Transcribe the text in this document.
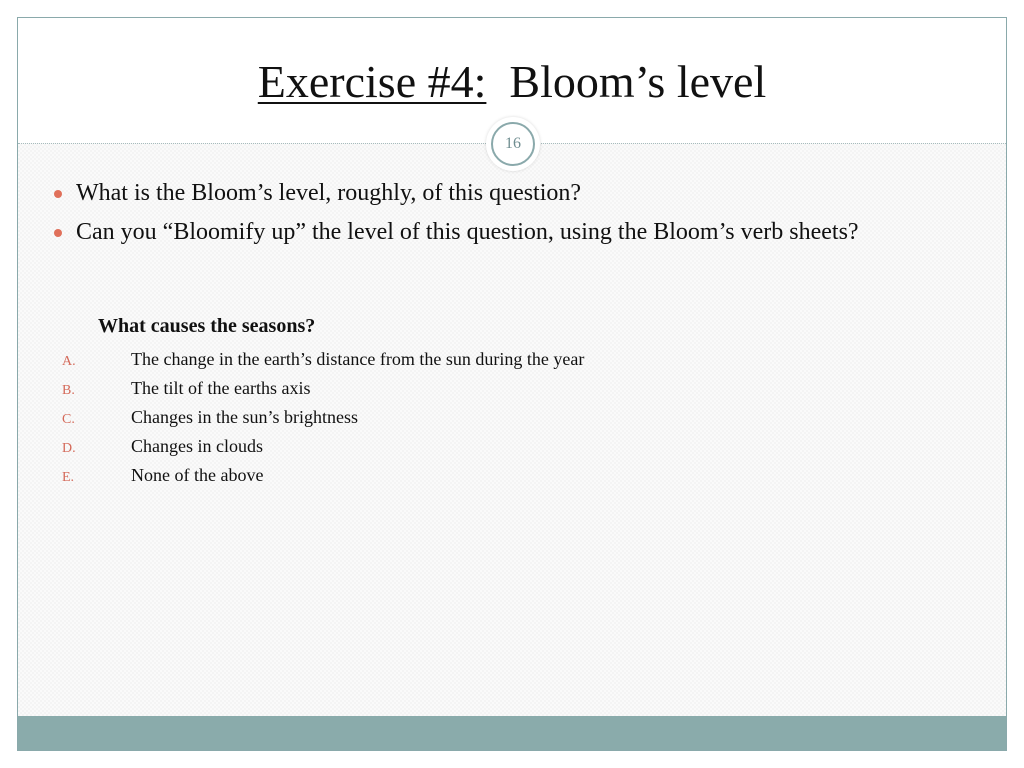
Exercise #4: Bloom’s level
16
What is the Bloom’s level, roughly, of this question?
Can you “Bloomify up” the level of this question, using the Bloom’s verb sheets?
What causes the seasons?
A.	The change in the earth’s distance from the sun during the year
B.	The tilt of the earths axis
C.	Changes in the sun’s brightness
D.	Changes in clouds
E.	None of the above
